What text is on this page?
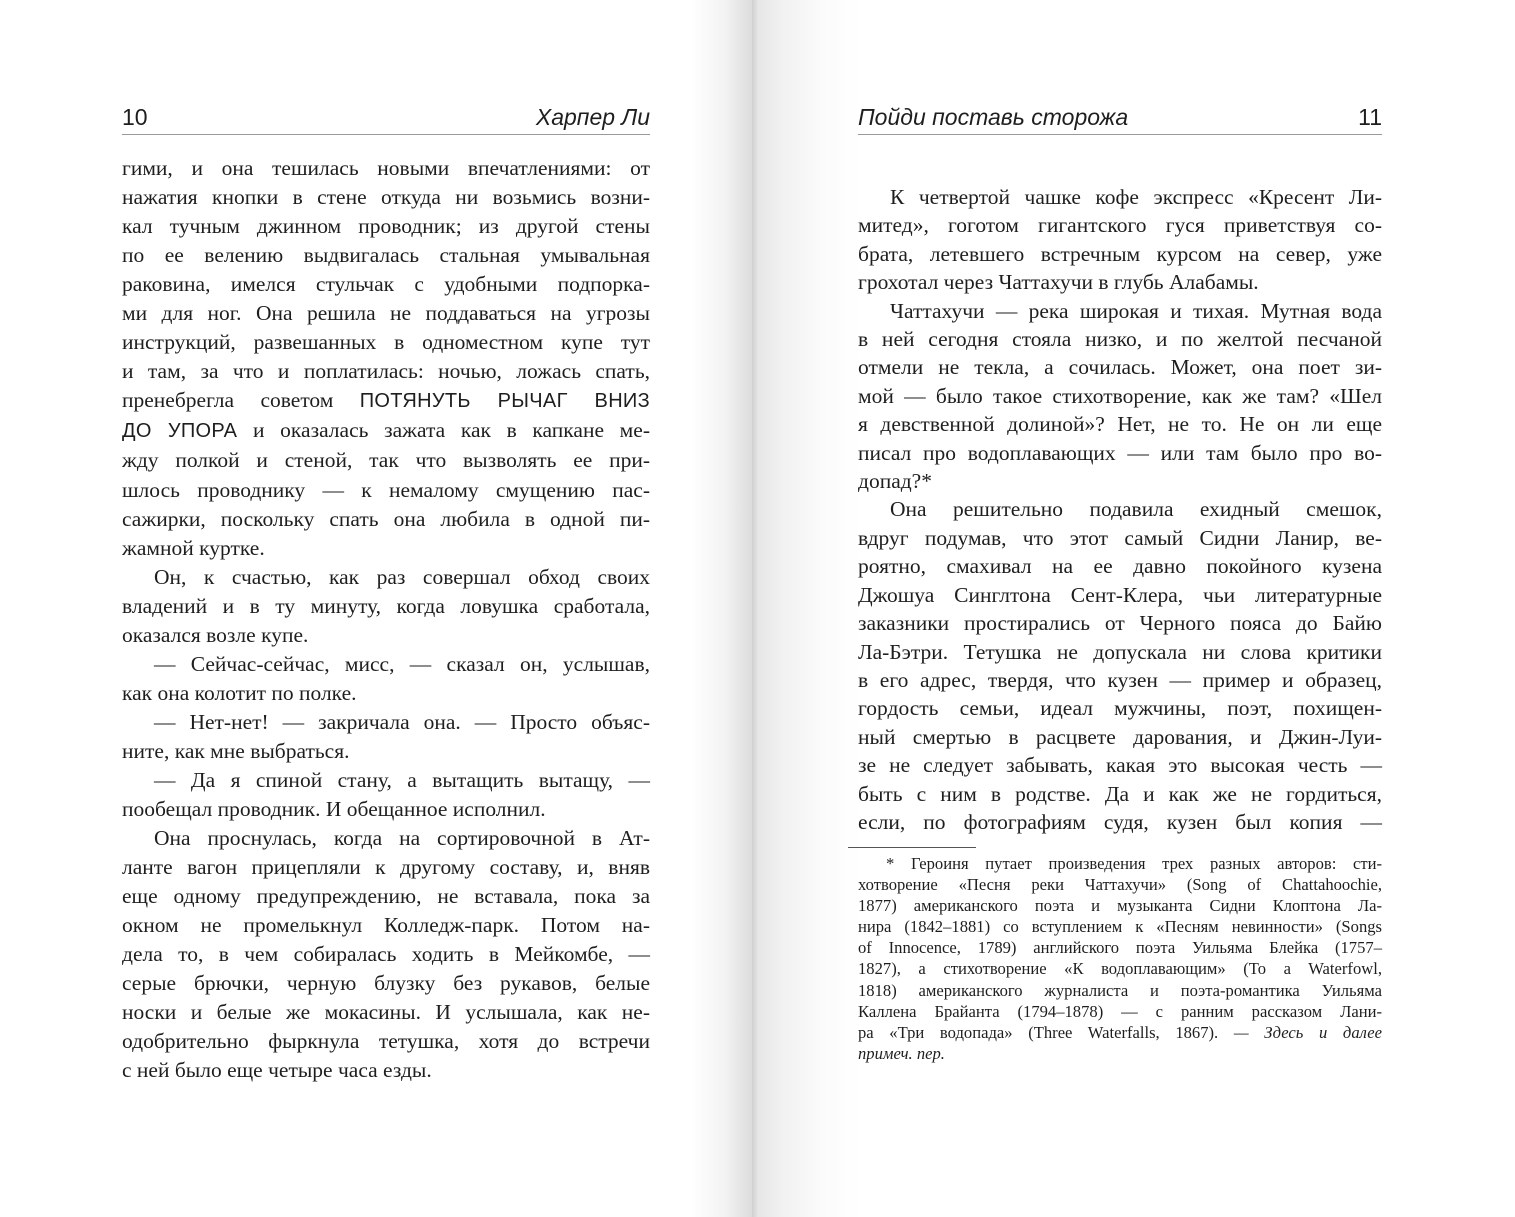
10	Харпер Ли
гими, и она тешилась новыми впечатлениями: от
нажатия кнопки в стене откуда ни возьмись возни-
кал тучным джинном проводник; из другой стены
по ее велению выдвигалась стальная умывальная
раковина, имелся стульчак с удобными подпорка-
ми для ног. Она решила не поддаваться на угрозы
инструкций, развешанных в одноместном купе тут
и там, за что и поплатилась: ночью, ложась спать,
пренебрегла советом ПОТЯНУТЬ РЫЧАГ ВНИЗ
ДО УПОРА и оказалась зажата как в капкане ме-
жду полкой и стеной, так что вызволять ее при-
шлось проводнику — к немалому смущению пас-
сажирки, поскольку спать она любила в одной пи-
жамной куртке.
Он, к счастью, как раз совершал обход своих
владений и в ту минуту, когда ловушка сработала,
оказался возле купе.
— Сейчас-сейчас, мисс, — сказал он, услышав,
как она колотит по полке.
— Нет-нет! — закричала она. — Просто объяс-
ните, как мне выбраться.
— Да я спиной стану, а вытащить вытащу, —
пообещал проводник. И обещанное исполнил.
Она проснулась, когда на сортировочной в Ат-
ланте вагон прицепляли к другому составу, и, вняв
еще одному предупреждению, не вставала, пока за
окном не промелькнул Колледж-парк. Потом на-
дела то, в чем собиралась ходить в Мейкомбе, —
серые брючки, черную блузку без рукавов, белые
носки и белые же мокасины. И услышала, как не-
одобрительно фыркнула тетушка, хотя до встречи
с ней было еще четыре часа езды.
Пойди поставь сторожа	11
К четвертой чашке кофе экспресс «Кресент Ли-
митед», гоготом гигантского гуся приветствуя со-
брата, летевшего встречным курсом на север, уже
грохотал через Чаттахучи в глубь Алабамы.
Чаттахучи — река широкая и тихая. Мутная вода
в ней сегодня стояла низко, и по желтой песчаной
отмели не текла, а сочилась. Может, она поет зи-
мой — было такое стихотворение, как же там? «Шел
я девственной долиной»? Нет, не то. Не он ли еще
писал про водоплавающих — или там было про во-
допад?*
Она решительно подавила ехидный смешок,
вдруг подумав, что этот самый Сидни Ланир, ве-
роятно, смахивал на ее давно покойного кузена
Джошуа Синглтона Сент-Клера, чьи литературные
заказники простирались от Черного пояса до Байю
Ла-Бэтри. Тетушка не допускала ни слова критики
в его адрес, твердя, что кузен — пример и образец,
гордость семьи, идеал мужчины, поэт, похищен-
ный смертью в расцвете дарования, и Джин-Луи-
зе не следует забывать, какая это высокая честь —
быть с ним в родстве. Да и как же не гордиться,
если, по фотографиям судя, кузен был копия —
* Героиня путает произведения трех разных авторов: сти-
хотворение «Песня реки Чаттахучи» (Song of Chattahoochie,
1877) американского поэта и музыканта Сидни Клоптона Ла-
нира (1842–1881) со вступлением к «Песням невинности» (Songs
of Innocence, 1789) английского поэта Уильяма Блейка (1757–
1827), а стихотворение «К водоплавающим» (To a Waterfowl,
1818) американского журналиста и поэта-романтика Уильяма
Каллена Брайанта (1794–1878) — с ранним рассказом Лани-
ра «Три водопада» (Three Waterfalls, 1867). — Здесь и далее
примеч. пер.
